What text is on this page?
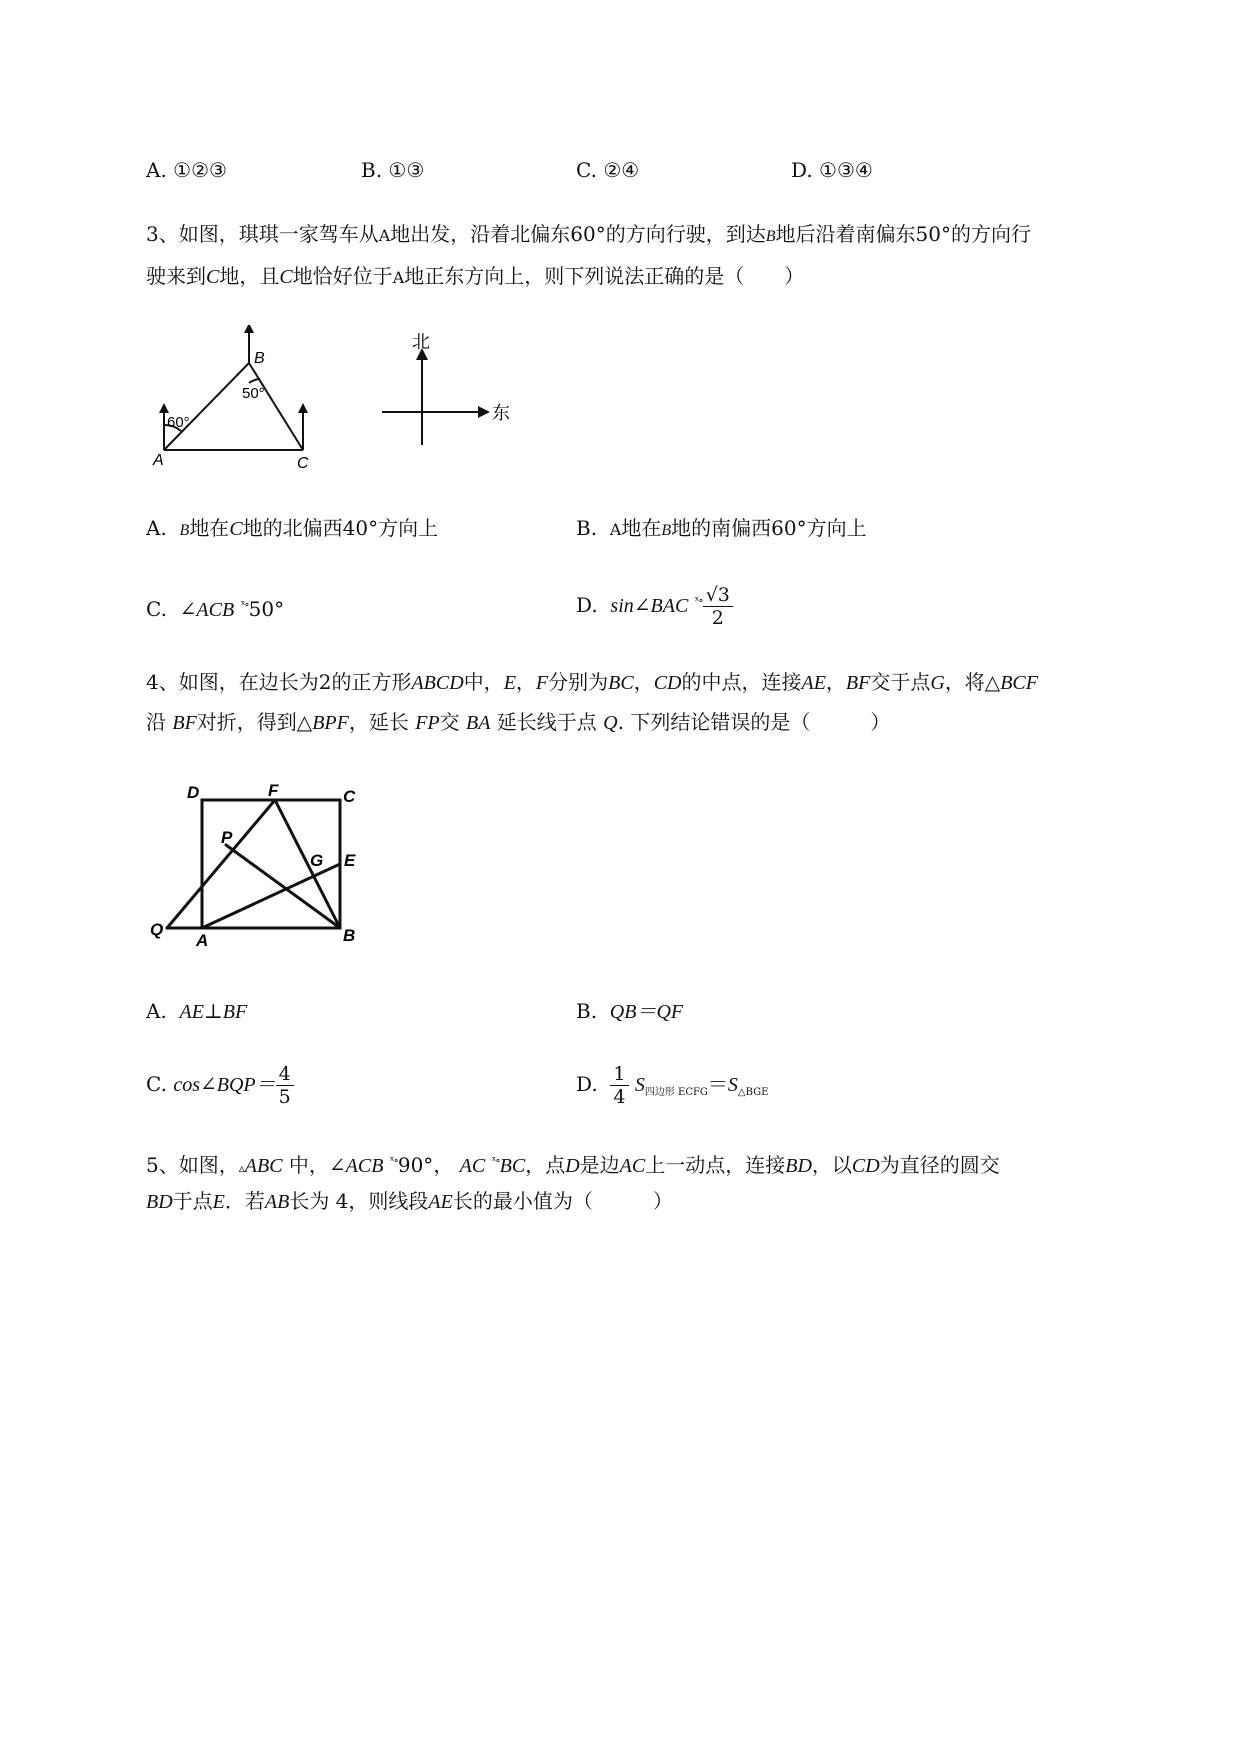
A. ①②③	B. ①③	C. ②④	D. ①③④
3、如图，琪琪一家驾车从A地出发，沿着北偏东60°的方向行驶，到达B地后沿着南偏东50°的方向行
驶来到C地，且C地恰好位于A地正东方向上，则下列说法正确的是（　　）
A
B
C
60°
50°
北
东
A. B地在C地的北偏西40°方向上	B. A地在B地的南偏西60°方向上
C. ∠ACB $^{ˣ\circ}$50°	D. sin∠BAC $^{ˣ\circ} \frac{√3}{2}$
4、如图，在边长为2的正方形ABCD中，E，F分别为BC，CD的中点，连接AE，BF交于点G，将△BCF
沿 BF对折，得到△BPF，延长 FP交 BA 延长线于点 Q. 下列结论错误的是（　　　）
D	F	C
P
G E
Q
A	B
A. AE⊥BF	B. QB＝QF
C. cos∠BQP＝ $\frac{4}{5}$	D. $\frac{1}{4} S_{四边形 ECFG}=S_{\triangle BGE}$
5、如图，▵ABC 中，∠ACB $^{ˣ\circ}$90°， AC $^{ˣ\circ}$BC，点D是边AC上一动点，连接BD，以CD为直径的圆交
BD于点E．若AB长为 4，则线段AE长的最小值为（　　　）
